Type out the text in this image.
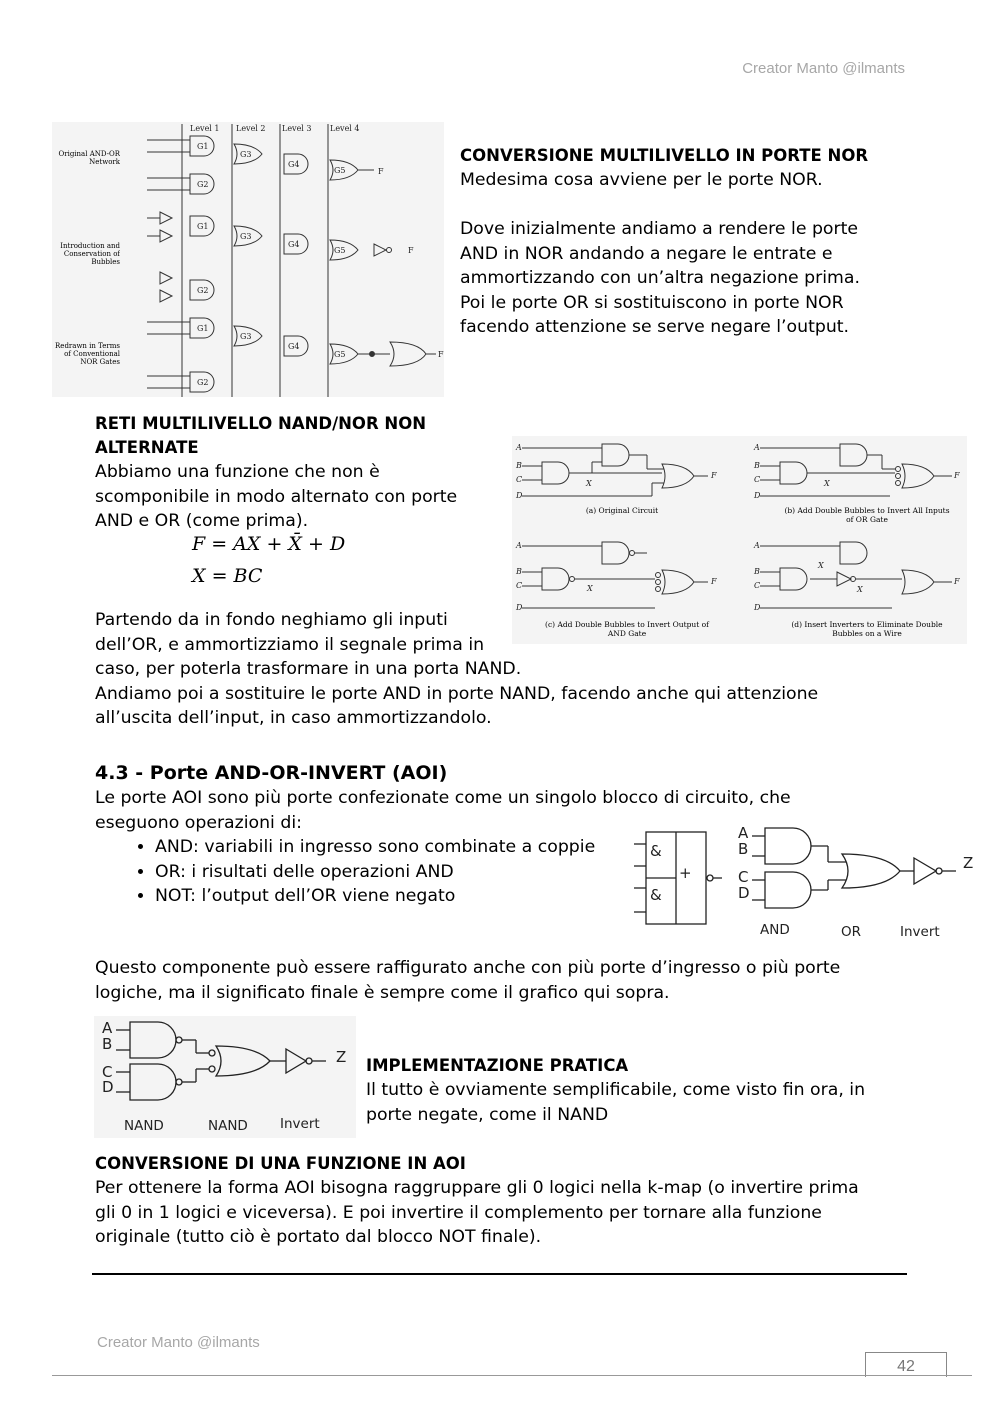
Creator Manto @ilmants
Level 1 Level 2 Level 3 Level 4
G1
G2
G3
G4
G5
G1
G2
G3
G4
G5
G1
G2
G3
G4
G5
F
F
F
Original AND-OR Network
Introduction and Conservation of Bubbles
Redrawn in Terms of Conventional NOR Gates
CONVERSIONE MULTILIVELLO IN PORTE NOR
Medesima cosa avviene per le porte NOR.
Dove inizialmente andiamo a rendere le porte
AND in NOR andando a negare le entrate e
ammortizzando con un’altra negazione prima.
Poi le porte OR si sostituiscono in porte NOR
facendo attenzione se serve negare l’output.
RETI MULTILIVELLO NAND/NOR NON ALTERNATE
Abbiamo una funzione che non è
scomponibile in modo alternato con porte
AND e OR (come prima).
F = AX + X̄ + D
X = BC
A
B
C
D
A
B
C
D
A
B
C
D
A
B
C
D
F	F
F	F
X	X
X
X
X
(a) Original Circuit	(b) Add Double Bubbles to Invert All Inputs of OR Gate
(c) Add Double Bubbles to Invert Output of AND Gate
(d) Insert Inverters to Eliminate Double Bubbles on a Wire
Partendo da in fondo neghiamo gli inputi
dell’OR, e ammortizziamo il segnale prima in
caso, per poterla trasformare in una porta NAND.
Andiamo poi a sostituire le porte AND in porte NAND, facendo anche qui attenzione
all’uscita dell’input, in caso ammortizzandolo.
4.3 - Porte AND-OR-INVERT (AOI)
Le porte AOI sono più porte confezionate come un singolo blocco di circuito, che
eseguono operazioni di:
• AND: variabili in ingresso sono combinate a coppie
• OR: i risultati delle operazioni AND
• NOT: l’output dell’OR viene negato
&
&
+
A
B
C
D
Z
AND	OR	Invert
Questo componente può essere raffigurato anche con più porte d’ingresso o più porte
logiche, ma il significato finale è sempre come il grafico qui sopra.
A
B
C
D
Z
NAND	NAND Invert
IMPLEMENTAZIONE PRATICA
Il tutto è ovviamente semplificabile, come visto fin ora, in
porte negate, come il NAND
CONVERSIONE DI UNA FUNZIONE IN AOI
Per ottenere la forma AOI bisogna raggruppare gli 0 logici nella k-map (o invertire prima
gli 0 in 1 logici e viceversa). E poi invertire il complemento per tornare alla funzione
originale (tutto ciò è portato dal blocco NOT finale).
Creator Manto @ilmants
42
